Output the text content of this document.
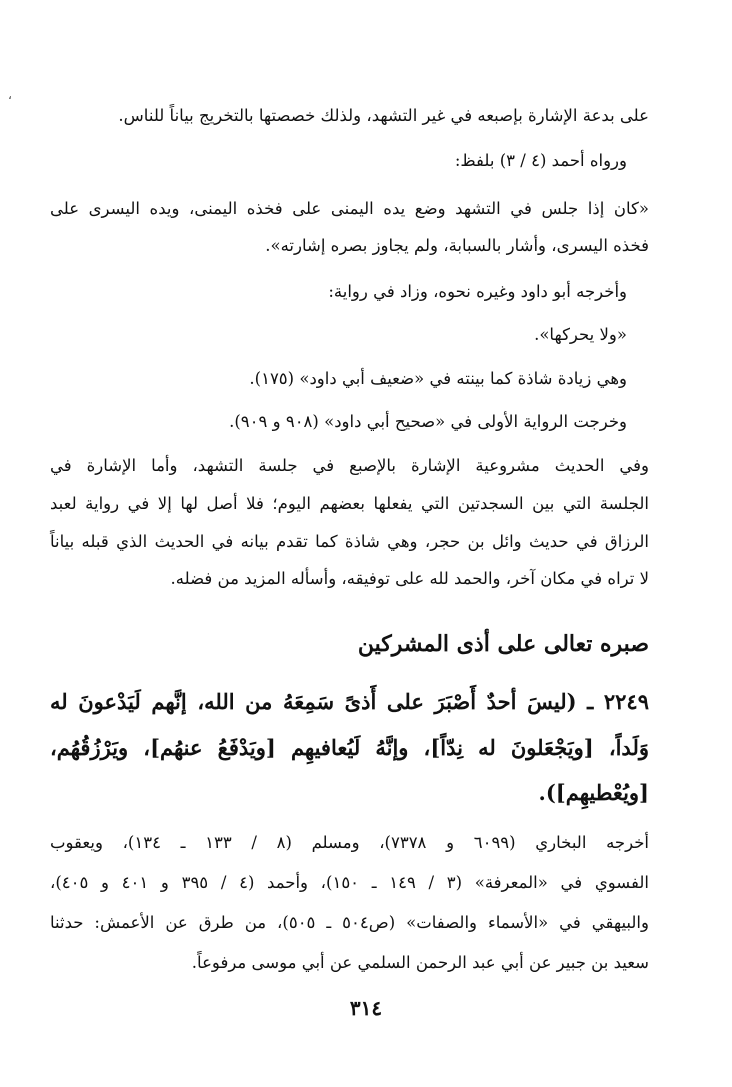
،
على بدعة الإشارة بإصبعه في غير التشهد، ولذلك خصصتها بالتخريج بياناً للناس.
ورواه أحمد (٤ / ٣) بلفظ:
«كان إذا جلس في التشهد وضع يده اليمنى على فخذه اليمنى، ويده اليسرى على
فخذه اليسرى، وأشار بالسبابة، ولم يجاوز بصره إشارته».
وأخرجه أبو داود وغيره نحوه، وزاد في رواية:
«ولا يحركها».
وهي زيادة شاذة كما بينته في «ضعيف أبي داود» (١٧٥).
وخرجت الرواية الأولى في «صحيح أبي داود» (٩٠٨ و ٩٠٩).
وفي الحديث مشروعية الإشارة بالإصبع في جلسة التشهد، وأما الإشارة في
الجلسة التي بين السجدتين التي يفعلها بعضهم اليوم؛ فلا أصل لها إلا في رواية لعبد
الرزاق في حديث وائل بن حجر، وهي شاذة كما تقدم بيانه في الحديث الذي قبله بياناً
لا تراه في مكان آخر، والحمد لله على توفيقه، وأسأله المزيد من فضله.
صبره تعالى على أذى المشركين
٢٢٤٩ ـ (ليسَ أحدٌ أَصْبَرَ على أَذىً سَمِعَهُ من الله، إنَّهم لَيَدْعونَ له
وَلَداً، [ويَجْعَلونَ له نِدّاً]، وإنَّهُ لَيُعافيهِم [ويَدْفَعُ عنهُم]، ويَرْزُقُهُم،
[ويُعْطيهِم]).
أخرجه البخاري (٦٠٩٩ و ٧٣٧٨)، ومسلم (٨ / ١٣٣ ـ ١٣٤)، ويعقوب
الفسوي في «المعرفة» (٣ / ١٤٩ ـ ١٥٠)، وأحمد (٤ / ٣٩٥ و ٤٠١ و ٤٠٥)،
والبيهقي في «الأسماء والصفات» (ص٥٠٤ ـ ٥٠٥)، من طرق عن الأعمش: حدثنا
سعيد بن جبير عن أبي عبد الرحمن السلمي عن أبي موسى مرفوعاً.
٣١٤
